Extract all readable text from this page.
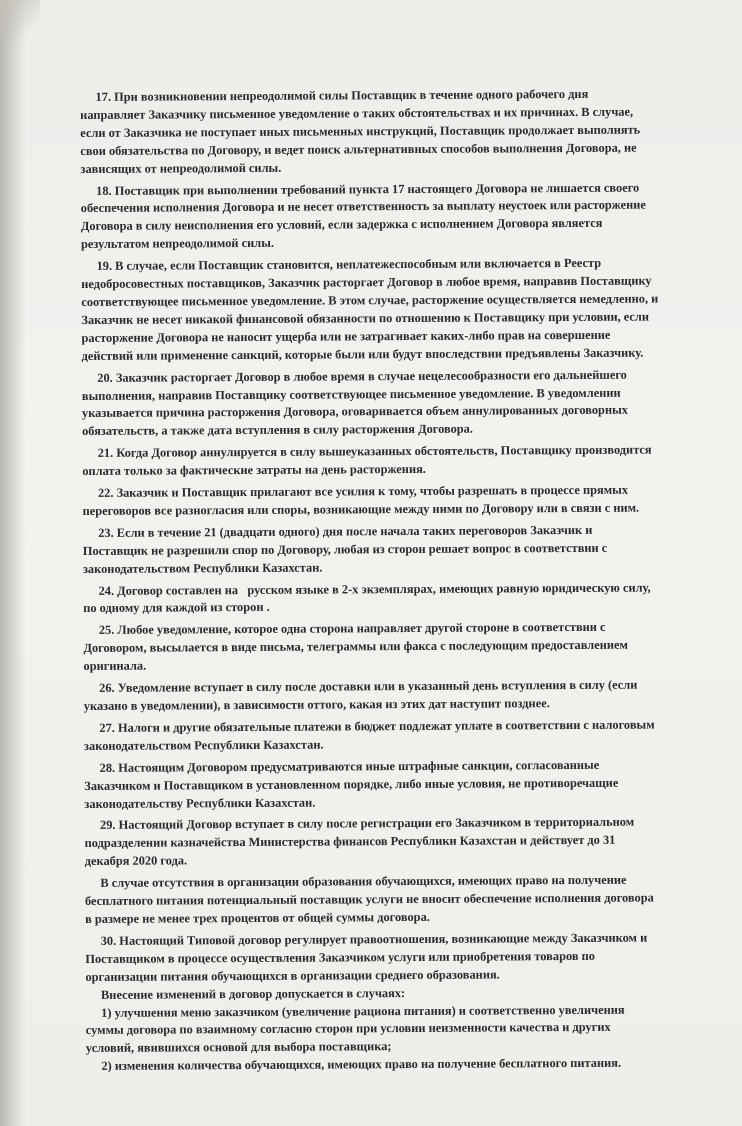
17. При возникновении непреодолимой силы Поставщик в течение одного рабочего дня
направляет Заказчику письменное уведомление о таких обстоятельствах и их причинах. В случае,
если от Заказчика не поступает иных письменных инструкций, Поставщик продолжает выполнять
свои обязательства по Договору, и ведет поиск альтернативных способов выполнения Договора, не
зависящих от непреодолимой силы.
18. Поставщик при выполнении требований пункта 17 настоящего Договора не лишается своего
обеспечения исполнения Договора и не несет ответственность за выплату неустоек или расторжение
Договора в силу неисполнения его условий, если задержка с исполнением Договора является
результатом непреодолимой силы.
19. В случае, если Поставщик становится, неплатежеспособным или включается в Реестр
недобросовестных поставщиков, Заказчик расторгает Договор в любое время, направив Поставщику
соответствующее письменное уведомление. В этом случае, расторжение осуществляется немедленно, и
Заказчик не несет никакой финансовой обязанности по отношению к Поставщику при условии, если
расторжение Договора не наносит ущерба или не затрагивает каких-либо прав на совершение
действий или применение санкций, которые были или будут впоследствии предъявлены Заказчику.
20. Заказчик расторгает Договор в любое время в случае нецелесообразности его дальнейшего
выполнения, направив Поставщику соответствующее письменное уведомление. В уведомлении
указывается причина расторжения Договора, оговаривается объем аннулированных договорных
обязательств, а также дата вступления в силу расторжения Договора.
21. Когда Договор аннулируется в силу вышеуказанных обстоятельств, Поставщику производится
оплата только за фактические затраты на день расторжения.
22. Заказчик и Поставщик прилагают все усилия к тому, чтобы разрешать в процессе прямых
переговоров все разногласия или споры, возникающие между ними по Договору или в связи с ним.
23. Если в течение 21 (двадцати одного) дня после начала таких переговоров Заказчик и
Поставщик не разрешили спор по Договору, любая из сторон решает вопрос в соответствии с
законодательством Республики Казахстан.
24. Договор составлен на   русском языке в 2-х экземплярах, имеющих равную юридическую силу,
по одному для каждой из сторон .
25. Любое уведомление, которое одна сторона направляет другой стороне в соответствии с
Договором, высылается в виде письма, телеграммы или факса с последующим предоставлением
оригинала.
26. Уведомление вступает в силу после доставки или в указанный день вступления в силу (если
указано в уведомлении), в зависимости оттого, какая из этих дат наступит позднее.
27. Налоги и другие обязательные платежи в бюджет подлежат уплате в соответствии с налоговым
законодательством Республики Казахстан.
28. Настоящим Договором предусматриваются иные штрафные санкции, согласованные
Заказчиком и Поставщиком в установленном порядке, либо иные условия, не противоречащие
законодательству Республики Казахстан.
29. Настоящий Договор вступает в силу после регистрации его Заказчиком в территориальном
подразделении казначейства Министерства финансов Республики Казахстан и действует до 31
декабря 2020 года.
В случае отсутствия в организации образования обучающихся, имеющих право на получение
бесплатного питания потенциальный поставщик услуги не вносит обеспечение исполнения договора
в размере не менее трех процентов от общей суммы договора.
30. Настоящий Типовой договор регулирует правоотношения, возникающие между Заказчиком и
Поставщиком в процессе осуществления Заказчиком услуги или приобретения товаров по
организации питания обучающихся в организации среднего образования.
Внесение изменений в договор допускается в случаях:
1) улучшения меню заказчиком (увеличение рациона питания) и соответственно увеличения
суммы договора по взаимному согласию сторон при условии неизменности качества и других
условий, явившихся основой для выбора поставщика;
2) изменения количества обучающихся, имеющих право на получение бесплатного питания.
